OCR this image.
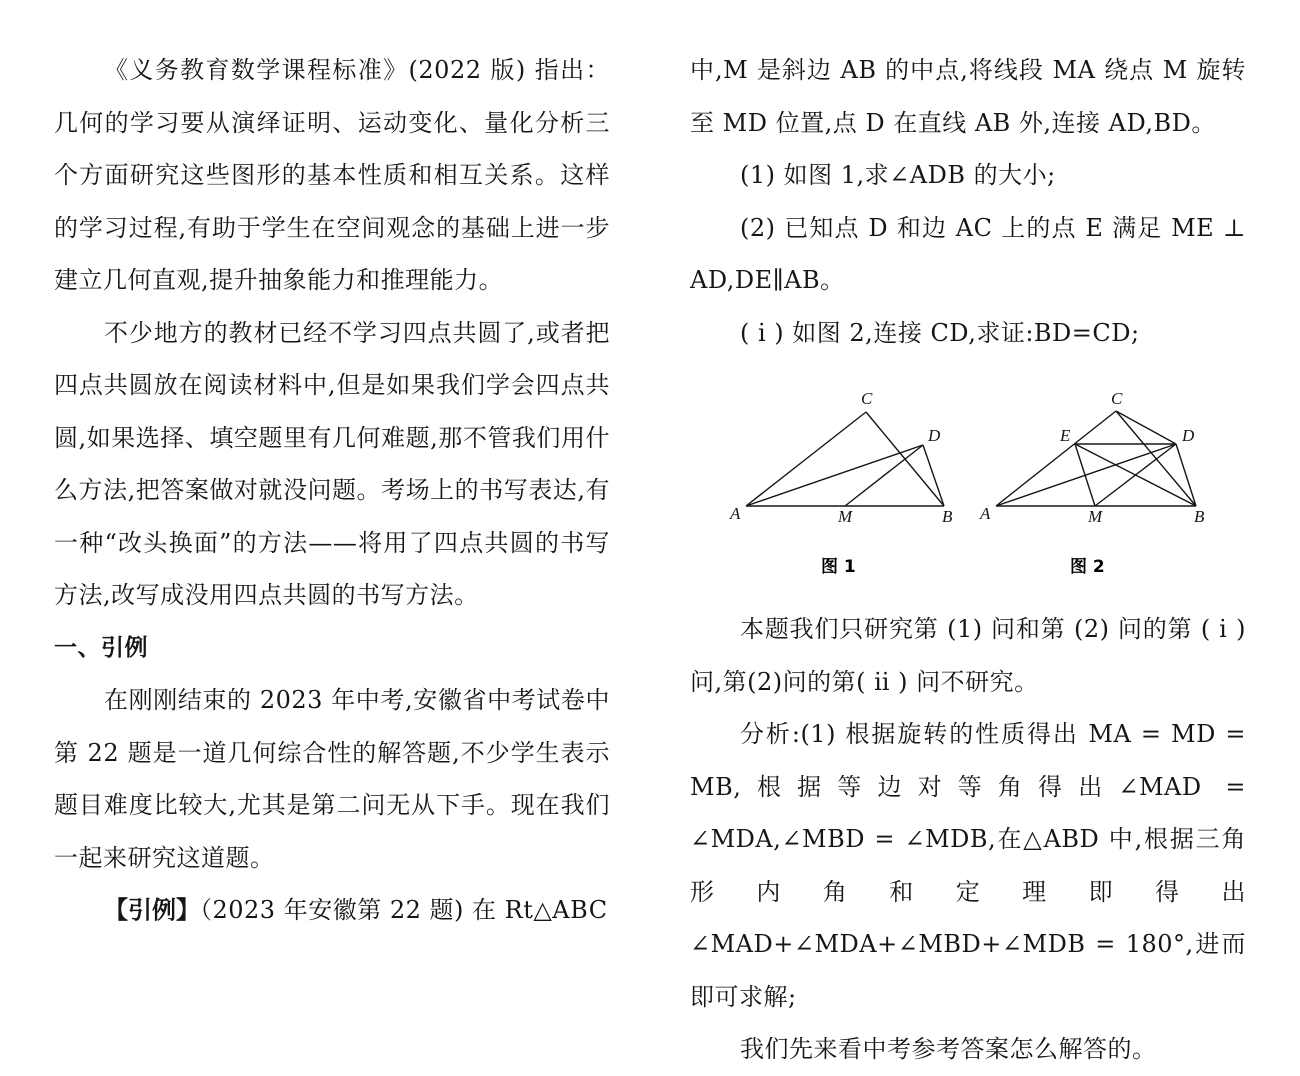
《义务教育数学课程标准》(2022 版) 指出：几何的学习要从演绎证明、运动变化、量化分析三个方面研究这些图形的基本性质和相互关系。这样的学习过程,有助于学生在空间观念的基础上进一步建立几何直观,提升抽象能力和推理能力。

不少地方的教材已经不学习四点共圆了,或者把四点共圆放在阅读材料中,但是如果我们学会四点共圆,如果选择、填空题里有几何难题,那不管我们用什么方法,把答案做对就没问题。考场上的书写表达,有一种“改头换面”的方法——将用了四点共圆的书写方法,改写成没用四点共圆的书写方法。

一、引例

在刚刚结束的 2023 年中考,安徽省中考试卷中第 22 题是一道几何综合性的解答题,不少学生表示题目难度比较大,尤其是第二问无从下手。现在我们一起来研究这道题。

【引例】（2023 年安徽第 22 题) 在 Rt△ABC

中,M 是斜边 AB 的中点,将线段 MA 绕点 M 旋转至 MD 位置,点 D 在直线 AB 外,连接 AD,BD。

(1) 如图 1,求∠ADB 的大小;

(2) 已知点 D 和边 AC 上的点 E 满足 ME ⊥ AD,DE∥AB。

( ⅰ ) 如图 2,连接 CD,求证:BD=CD;

C
D
A	M	B
图 1
C
E	D
A	M	B
图 2

本题我们只研究第 (1) 问和第 (2) 问的第 ( ⅰ ) 问,第(2)问的第( ⅱ ) 问不研究。

分析:(1) 根据旋转的性质得出 MA = MD = MB,根据等边对等角得出∠MAD = ∠MDA,∠MBD = ∠MDB,在△ABD 中,根据三角形内角和定理即得出∠MAD+∠MDA+∠MBD+∠MDB = 180°,进而即可求解;

我们先来看中考参考答案怎么解答的。
